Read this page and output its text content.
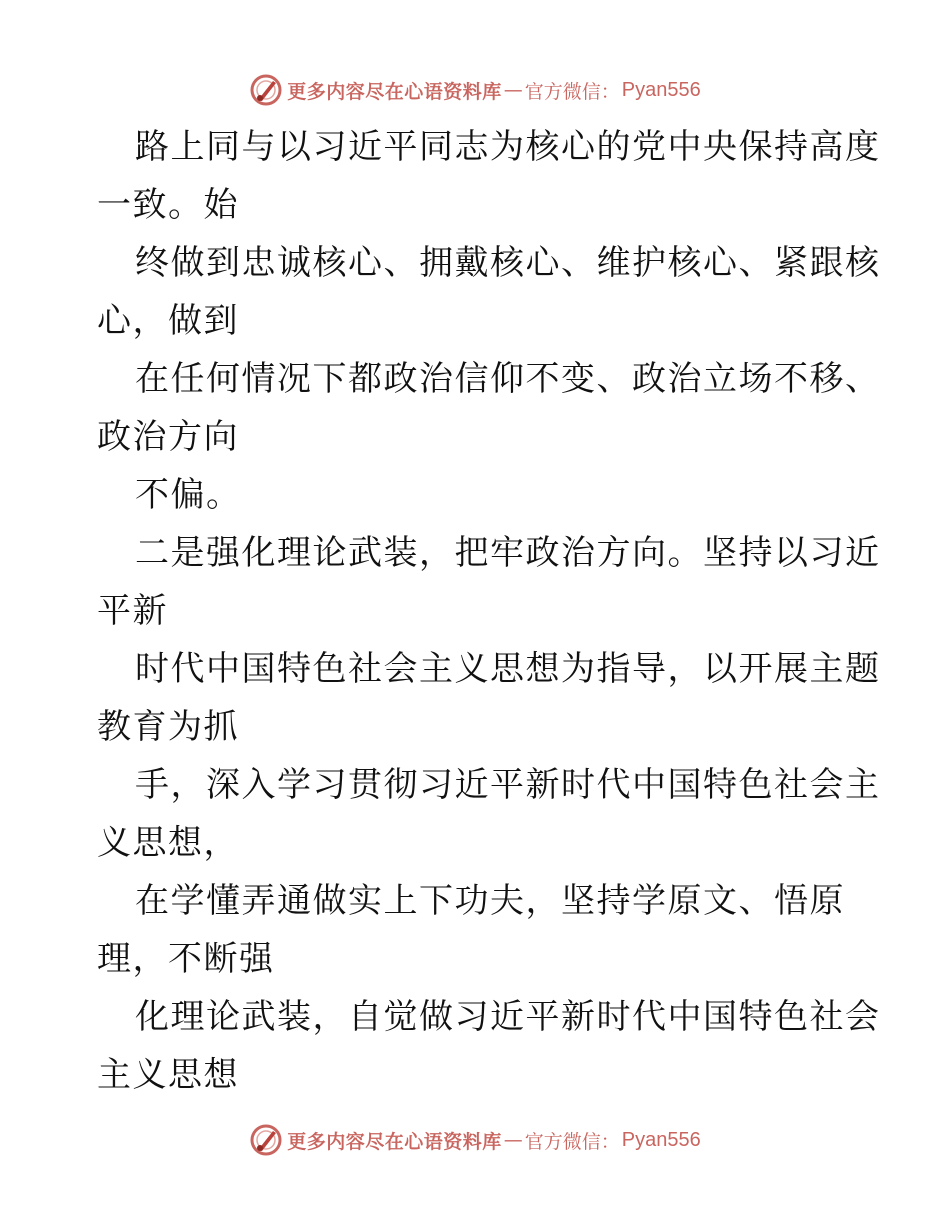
更多内容尽在心语资料库 — 官方微信： Pyan556
路上同与以习近平同志为核心的党中央保持高度
一致。始
终做到忠诚核心、拥戴核心、维护核心、紧跟核
心，做到
在任何情况下都政治信仰不变、政治立场不移、
政治方向
不偏。
二是强化理论武装，把牢政治方向。坚持以习近
平新
时代中国特色社会主义思想为指导，以开展主题
教育为抓
手，深入学习贯彻习近平新时代中国特色社会主
义思想，
在学懂弄通做实上下功夫，坚持学原文、悟原
理，不断强
化理论武装，自觉做习近平新时代中国特色社会
主义思想
更多内容尽在心语资料库 — 官方微信： Pyan556
